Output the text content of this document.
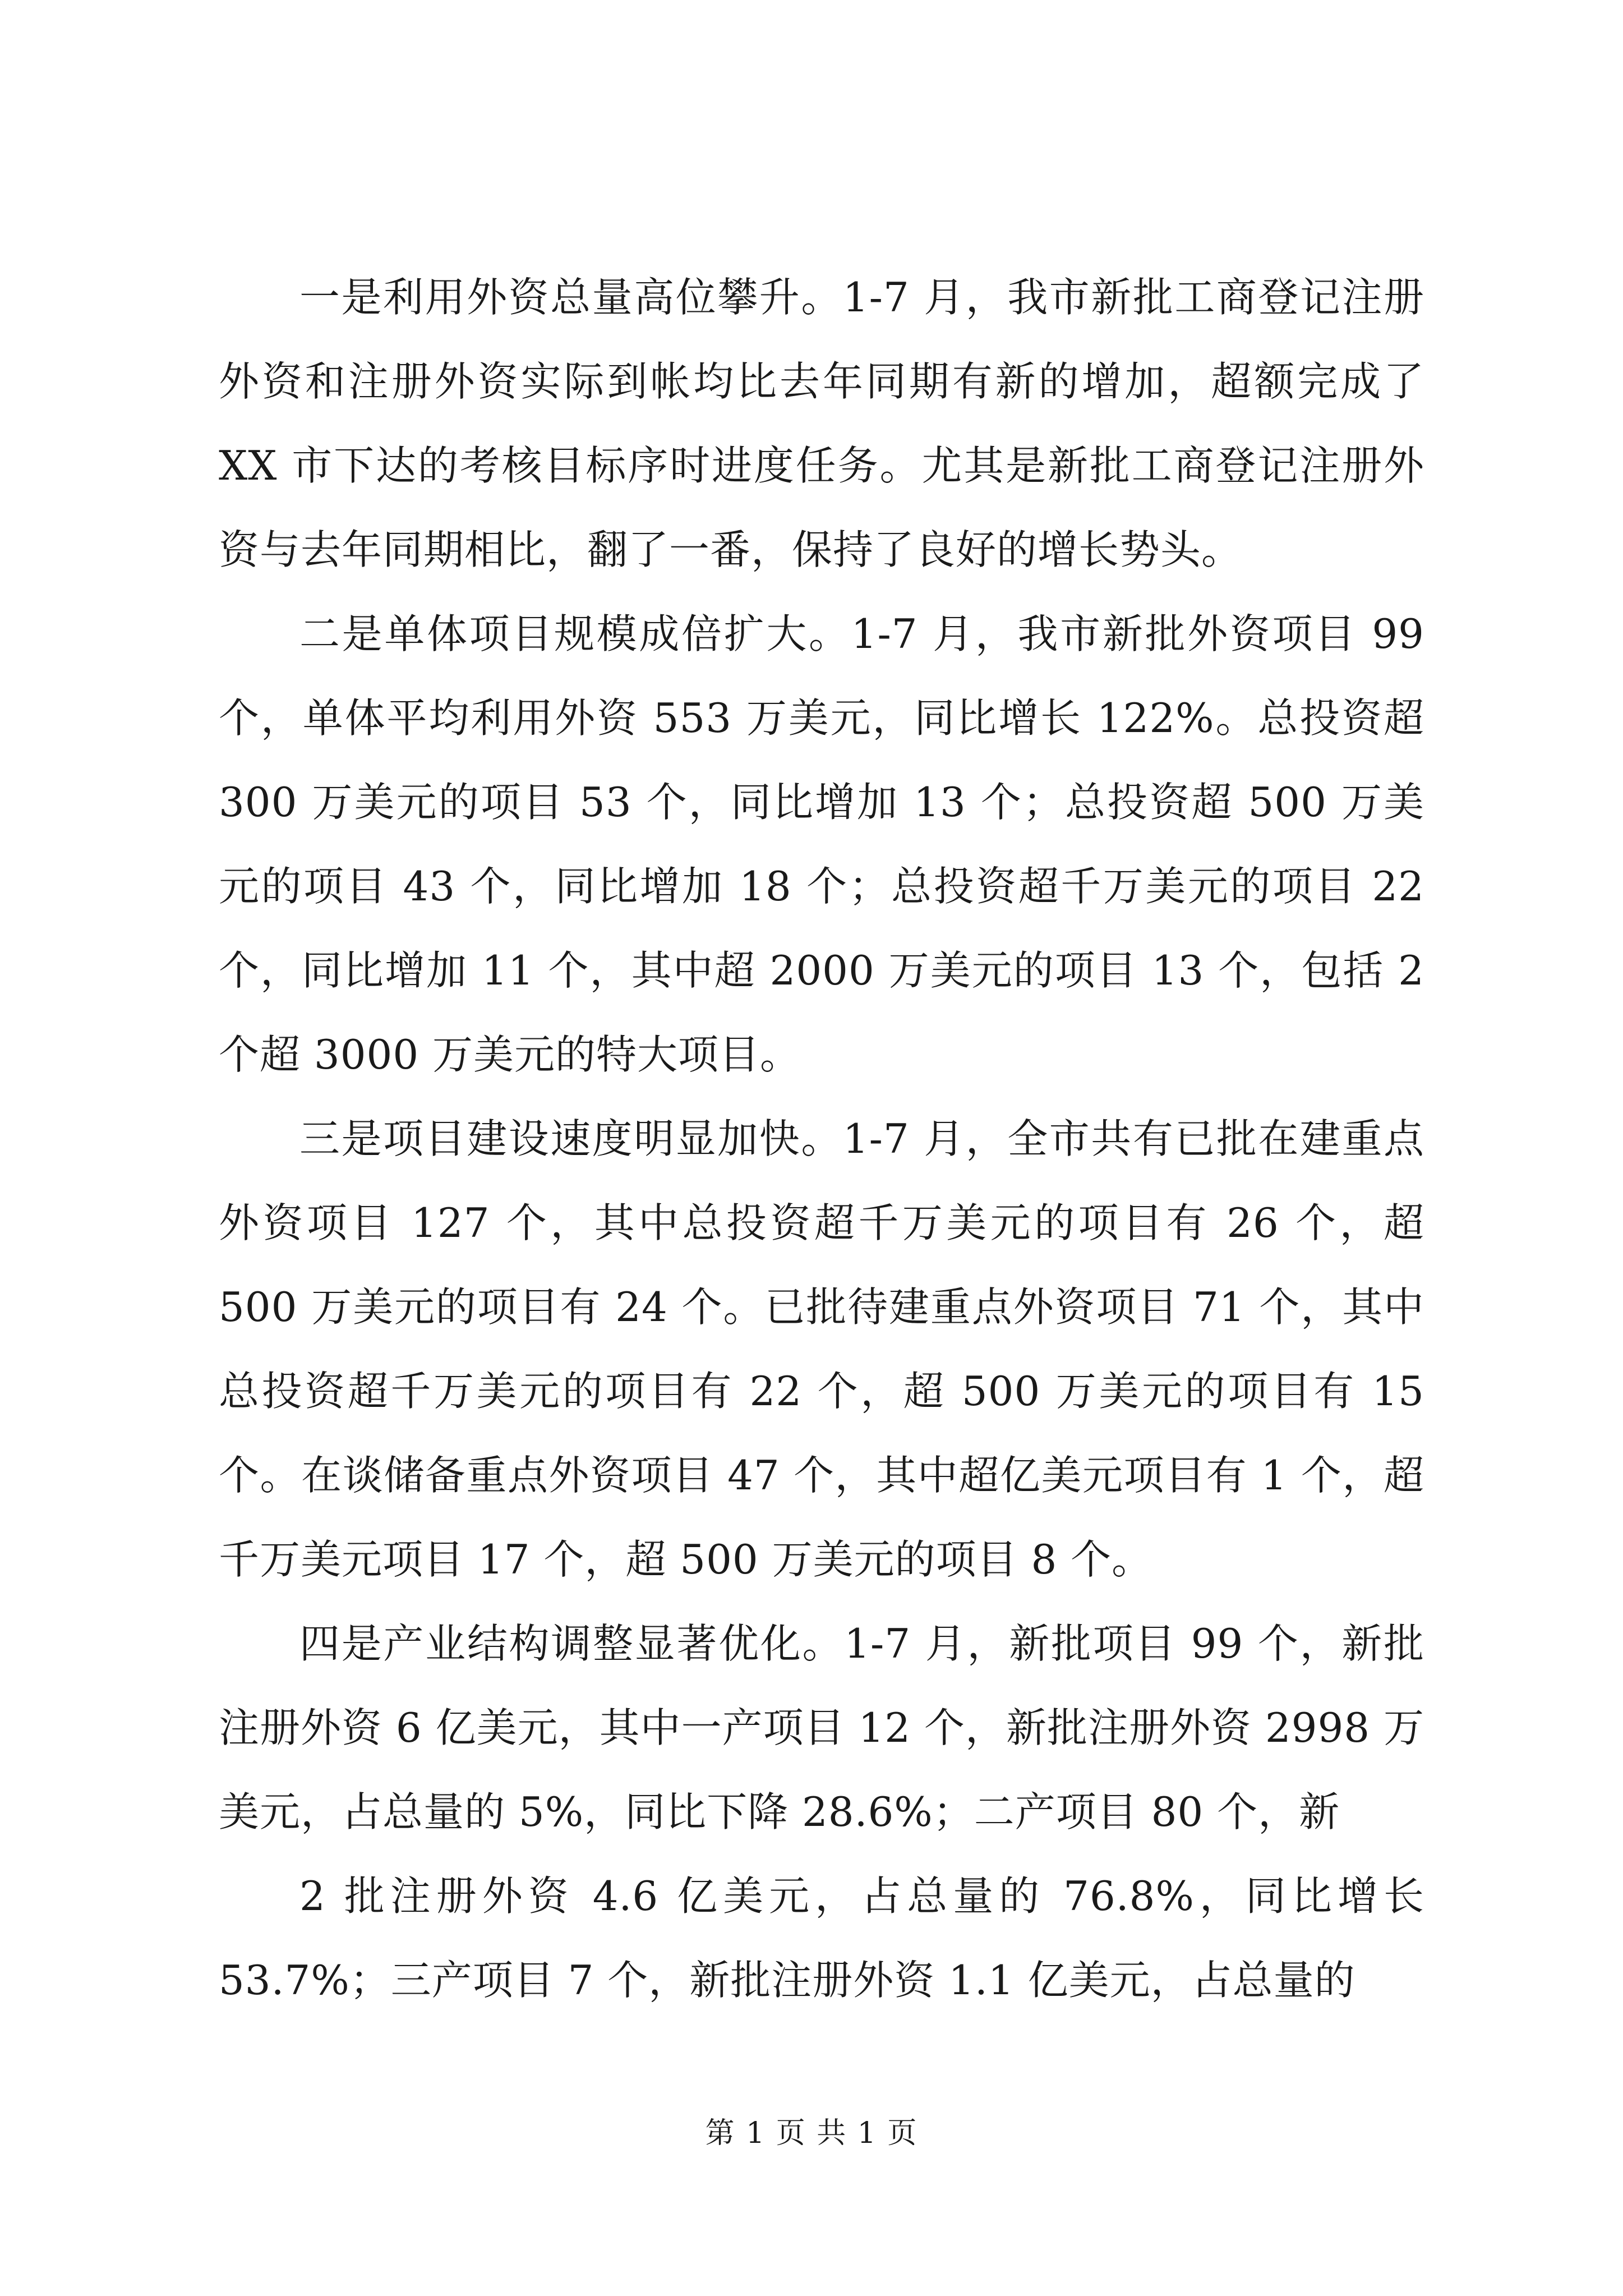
一是利用外资总量高位攀升。1-7 月，我市新批工商登记注册外资和注册外资实际到帐均比去年同期有新的增加，超额完成了 XX 市下达的考核目标序时进度任务。尤其是新批工商登记注册外资与去年同期相比，翻了一番，保持了良好的增长势头。

二是单体项目规模成倍扩大。1-7 月，我市新批外资项目 99 个，单体平均利用外资 553 万美元，同比增长 122%。总投资超 300 万美元的项目 53 个，同比增加 13 个；总投资超 500 万美元的项目 43 个，同比增加 18 个；总投资超千万美元的项目 22 个，同比增加 11 个，其中超 2000 万美元的项目 13 个，包括 2 个超 3000 万美元的特大项目。

三是项目建设速度明显加快。1-7 月，全市共有已批在建重点外资项目 127 个，其中总投资超千万美元的项目有 26 个，超 500 万美元的项目有 24 个。已批待建重点外资项目 71 个，其中总投资超千万美元的项目有 22 个，超 500 万美元的项目有 15 个。在谈储备重点外资项目 47 个，其中超亿美元项目有 1 个，超千万美元项目 17 个，超 500 万美元的项目 8 个。

四是产业结构调整显著优化。1-7 月，新批项目 99 个，新批注册外资 6 亿美元，其中一产项目 12 个，新批注册外资 2998 万美元，占总量的 5%，同比下降 28.6%；二产项目 80 个，新

2 批注册外资 4.6 亿美元，占总量的 76.8%，同比增长 53.7%；三产项目 7 个，新批注册外资 1.1 亿美元，占总量的

第 1 页 共 1 页
